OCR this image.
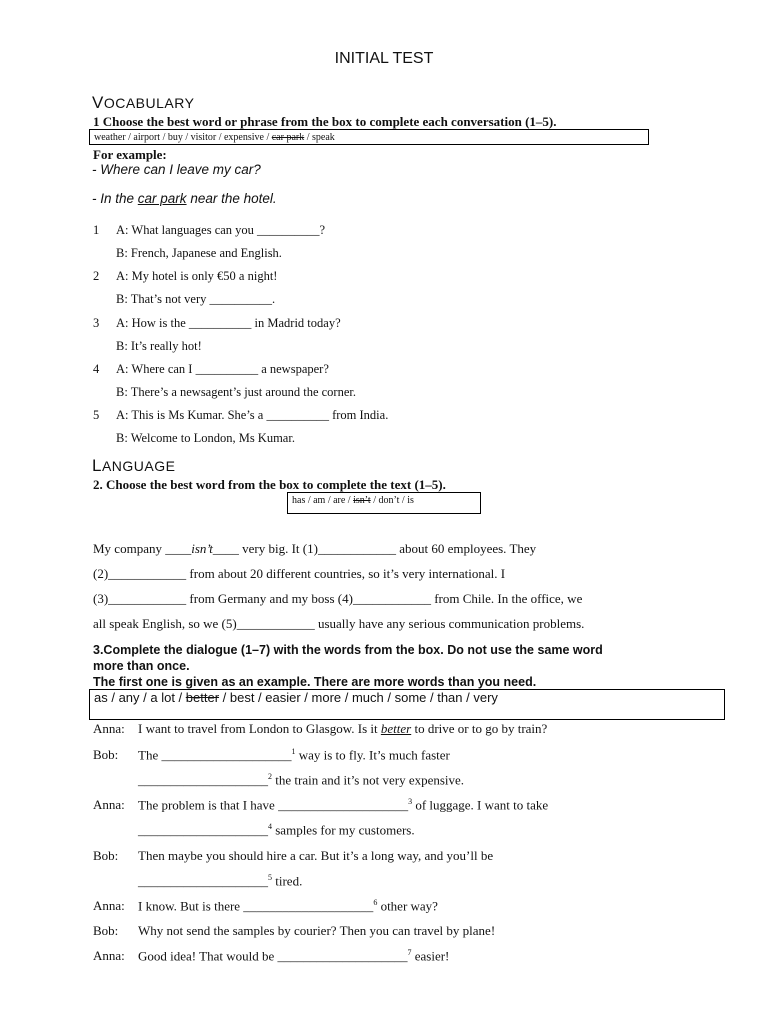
INITIAL TEST
VOCABULARY
1 Choose the best word or phrase from the box to complete each conversation (1–5).
weather / airport / buy / visitor / expensive / car park / speak
For example:
- Where can I leave my car?
- In the car park near the hotel.
1 A: What languages can you __________?
B: French, Japanese and English.
2 A: My hotel is only €50 a night!
B: That’s not very __________.
3 A: How is the __________ in Madrid today?
B: It’s really hot!
4 A: Where can I __________ a newspaper?
B: There’s a newsagent’s just around the corner.
5 A: This is Ms Kumar. She’s a __________ from India.
B: Welcome to London, Ms Kumar.
LANGUAGE
2. Choose the best word from the box to complete the text (1–5).
has / am / are / isn’t / don’t / is
My company ____isn’t____ very big. It (1)____________ about 60 employees. They
(2)____________ from about 20 different countries, so it’s very international. I
(3)____________ from Germany and my boss (4)____________ from Chile. In the office, we
all speak English, so we (5)____________ usually have any serious communication problems.
3.Complete the dialogue (1–7) with the words from the box. Do not use the same word
more than once.
The first one is given as an example. There are more words than you need.
as / any / a lot / better / best / easier / more / much / some / than / very
Anna: I want to travel from London to Glasgow. Is it better to drive or to go by train?
Bob: The ____________________$^1$ way is to fly. It’s much faster
____________________$^2$ the train and it’s not very expensive.
Anna: The problem is that I have ____________________$^3$ of luggage. I want to take
____________________$^4$ samples for my customers.
Bob: Then maybe you should hire a car. But it’s a long way, and you’ll be
____________________$^5$ tired.
Anna: I know. But is there ____________________$^6$ other way?
Bob: Why not send the samples by courier? Then you can travel by plane!
Anna: Good idea! That would be ____________________$^7$ easier!
